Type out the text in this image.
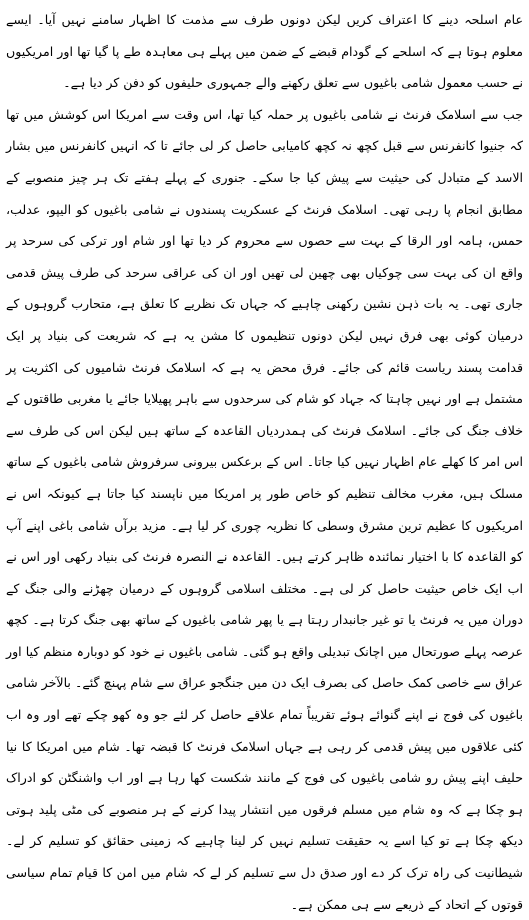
عام اسلحہ دینے کا اعتراف کریں لیکن دونوں طرف سے مذمت کا اظہار سامنے نہیں آیا۔ ایسے معلوم ہوتا ہے کہ اسلحے کے گودام قبضے کے ضمن میں پہلے ہی معاہدہ طے پا گیا تھا اور امریکیوں نے حسب معمول شامی باغیوں سے تعلق رکھنے والے جمہوری حلیفوں کو دفن کر دیا ہے۔

جب سے اسلامک فرنٹ نے شامی باغیوں پر حملہ کیا تھا، اس وقت سے امریکا اس کوشش میں تھا کہ جنیوا کانفرنس سے قبل کچھ نہ کچھ کامیابی حاصل کر لی جائے تا کہ انہیں کانفرنس میں بشار الاسد کے متبادل کی حیثیت سے پیش کیا جا سکے۔ جنوری کے پہلے ہفتے تک ہر چیز منصوبے کے مطابق انجام پا رہی تھی۔ اسلامک فرنٹ کے عسکریت پسندوں نے شامی باغیوں کو الیپو، عدلب، حمس، ہامہ اور الرقا کے بہت سے حصوں سے محروم کر دیا تھا اور شام اور ترکی کی سرحد پر واقع ان کی بہت سی چوکیاں بھی چھین لی تھیں اور ان کی عراقی سرحد کی طرف پیش قدمی جاری تھی۔ یہ بات ذہن نشین رکھنی چاہیے کہ جہاں تک نظریے کا تعلق ہے، متحارب گروہوں کے درمیان کوئی بھی فرق نہیں لیکن دونوں تنظیموں کا مشن یہ ہے کہ شریعت کی بنیاد پر ایک قدامت پسند ریاست قائم کی جائے۔ فرق محض یہ ہے کہ اسلامک فرنٹ شامیوں کی اکثریت پر مشتمل ہے اور نہیں چاہتا کہ جہاد کو شام کی سرحدوں سے باہر پھیلایا جائے یا مغربی طاقتوں کے خلاف جنگ کی جائے۔ اسلامک فرنٹ کی ہمدردیاں القاعدہ کے ساتھ ہیں لیکن اس کی طرف سے اس امر کا کھلے عام اظہار نہیں کیا جاتا۔ اس کے برعکس بیرونی سرفروش شامی باغیوں کے ساتھ مسلک ہیں، مغرب مخالف تنظیم کو خاص طور پر امریکا میں ناپسند کیا جاتا ہے کیونکہ اس نے امریکیوں کا عظیم ترین مشرق وسطی کا نظریہ چوری کر لیا ہے۔ مزید برآں شامی باغی اپنے آپ کو القاعدہ کا با اختیار نمائندہ ظاہر کرتے ہیں۔ القاعدہ نے النصرہ فرنٹ کی بنیاد رکھی اور اس نے اب ایک خاص حیثیت حاصل کر لی ہے۔ مختلف اسلامی گروہوں کے درمیان چھڑنے والی جنگ کے دوران میں یہ فرنٹ یا تو غیر جانبدار رہتا ہے یا پھر شامی باغیوں کے ساتھ بھی جنگ کرتا ہے۔ کچھ عرصہ پہلے صورتحال میں اچانک تبدیلی واقع ہو گئی۔ شامی باغیوں نے خود کو دوبارہ منظم کیا اور عراق سے خاصی کمک حاصل کی بصرف ایک دن میں جنگجو عراق سے شام پہنچ گئے۔ بالآخر شامی باغیوں کی فوج نے اپنے گنوائے ہوئے تقریباً تمام علاقے حاصل کر لئے جو وہ کھو چکے تھے اور وہ اب کئی علاقوں میں پیش قدمی کر رہی ہے جہاں اسلامک فرنٹ کا قبضہ تھا۔ شام میں امریکا کا نیا حلیف اپنے پیش رو شامی باغیوں کی فوج کے مانند شکست کھا رہا ہے اور اب واشنگٹن کو ادراک ہو چکا ہے کہ وہ شام میں مسلم فرقوں میں انتشار پیدا کرنے کے ہر منصوبے کی مٹی پلید ہوتی دیکھ چکا ہے تو کیا اسے یہ حقیقت تسلیم نہیں کر لینا چاہیے کہ زمینی حقائق کو تسلیم کر لے۔ شیطانیت کی راہ ترک کر دے اور صدق دل سے تسلیم کر لے کہ شام میں امن کا قیام تمام سیاسی قوتوں کے اتحاد کے ذریعے سے ہی ممکن ہے۔
